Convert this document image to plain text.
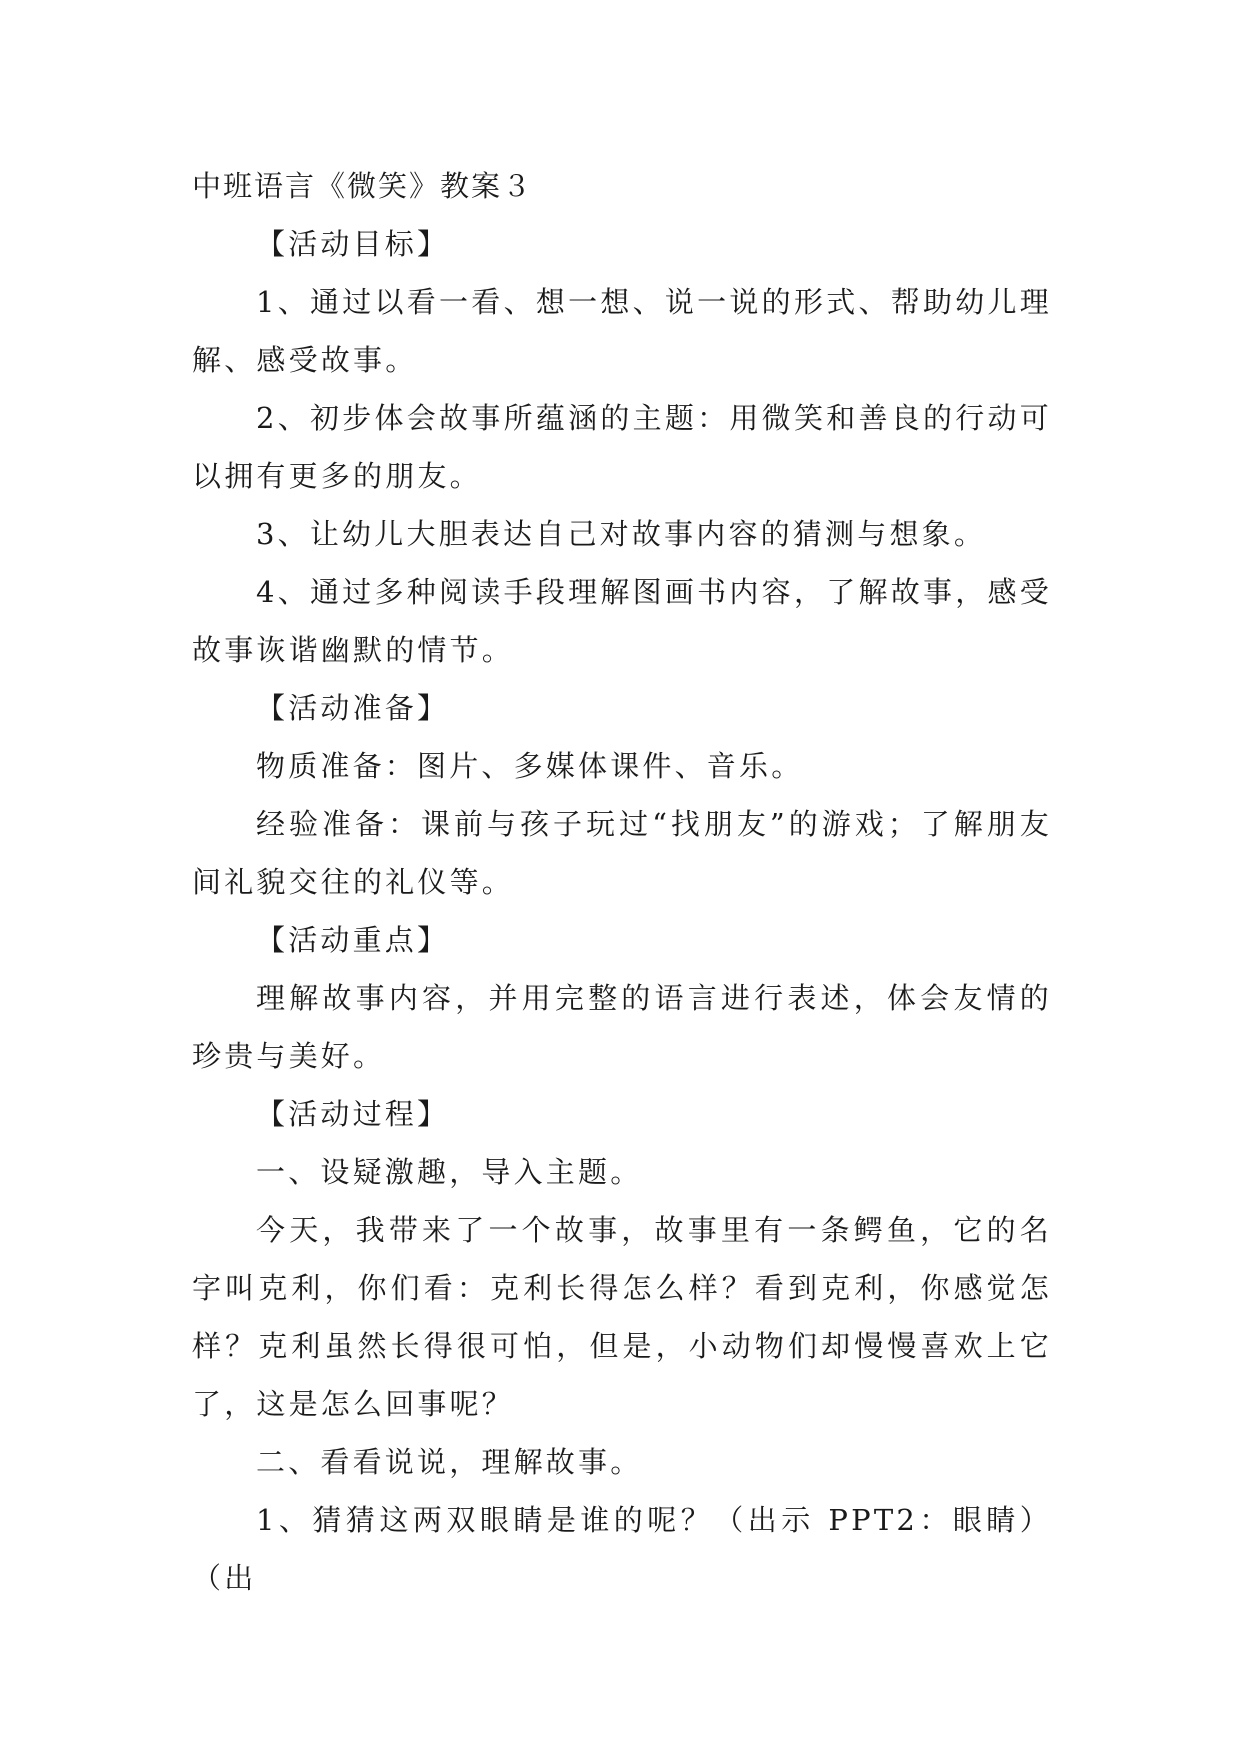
中班语言《微笑》教案３

【活动目标】

1、通过以看一看、想一想、说一说的形式、帮助幼儿理解、感受故事。

2、初步体会故事所蕴涵的主题：用微笑和善良的行动可以拥有更多的朋友。

3、让幼儿大胆表达自己对故事内容的猜测与想象。

4、通过多种阅读手段理解图画书内容，了解故事，感受故事诙谐幽默的情节。

【活动准备】

物质准备：图片、多媒体课件、音乐。

经验准备：课前与孩子玩过“找朋友”的游戏；了解朋友间礼貌交往的礼仪等。

【活动重点】

理解故事内容，并用完整的语言进行表述，体会友情的珍贵与美好。

【活动过程】

一、设疑激趣，导入主题。

今天，我带来了一个故事，故事里有一条鳄鱼，它的名字叫克利，你们看：克利长得怎么样？看到克利，你感觉怎样？克利虽然长得很可怕，但是，小动物们却慢慢喜欢上它了，这是怎么回事呢？

二、看看说说，理解故事。

1、猜猜这两双眼睛是谁的呢？（出示 PPT2：眼睛）（出
